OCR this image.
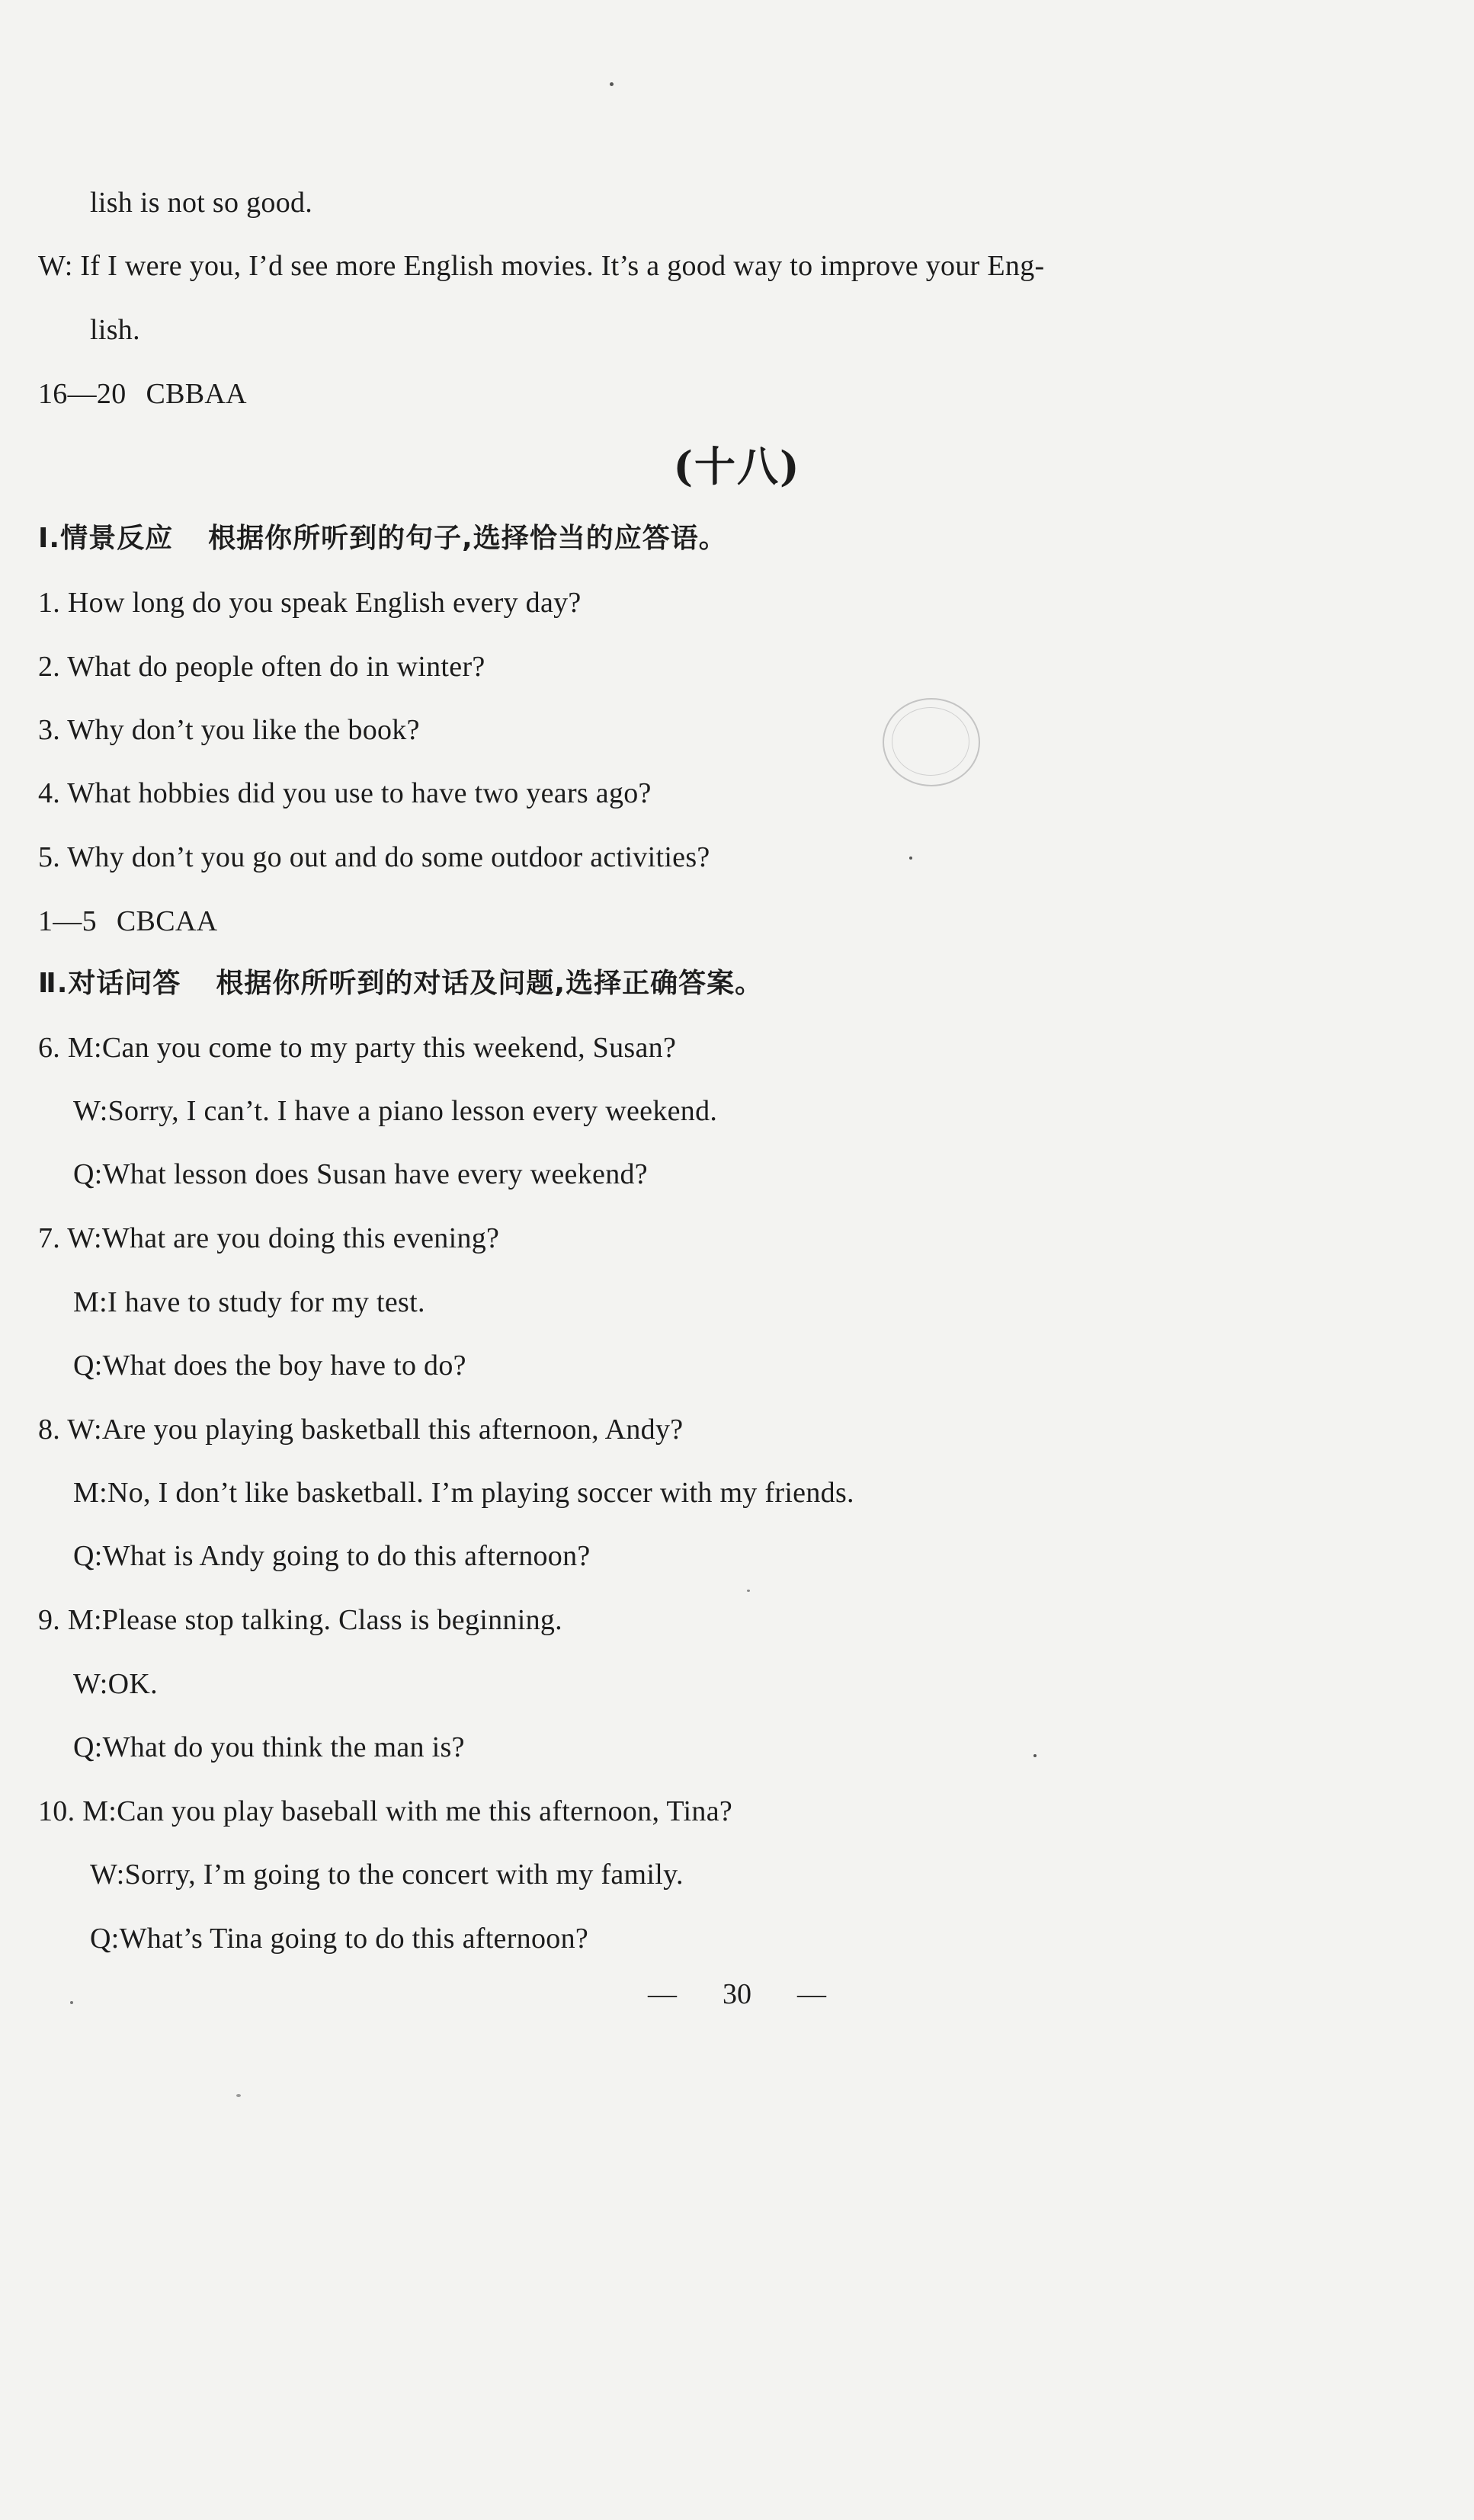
lish is not so good.
W: If I were you, I’d see more English movies. It’s a good way to improve your Eng-
lish.
16—20 CBBAA
(十八)
Ⅰ.情景反应 根据你所听到的句子,选择恰当的应答语。
1. How long do you speak English every day?
2. What do people often do in winter?
3. Why don’t you like the book?
4. What hobbies did you use to have two years ago?
5. Why don’t you go out and do some outdoor activities?
1—5 CBCAA
Ⅱ.对话问答 根据你所听到的对话及问题,选择正确答案。
6. M:Can you come to my party this weekend, Susan?
W:Sorry, I can’t. I have a piano lesson every weekend.
Q:What lesson does Susan have every weekend?
7. W:What are you doing this evening?
M:I have to study for my test.
Q:What does the boy have to do?
8. W:Are you playing basketball this afternoon, Andy?
M:No, I don’t like basketball. I’m playing soccer with my friends.
Q:What is Andy going to do this afternoon?
9. M:Please stop talking. Class is beginning.
W:OK.
Q:What do you think the man is?
10. M:Can you play baseball with me this afternoon, Tina?
W:Sorry, I’m going to the concert with my family.
Q:What’s Tina going to do this afternoon?
— 30 —
